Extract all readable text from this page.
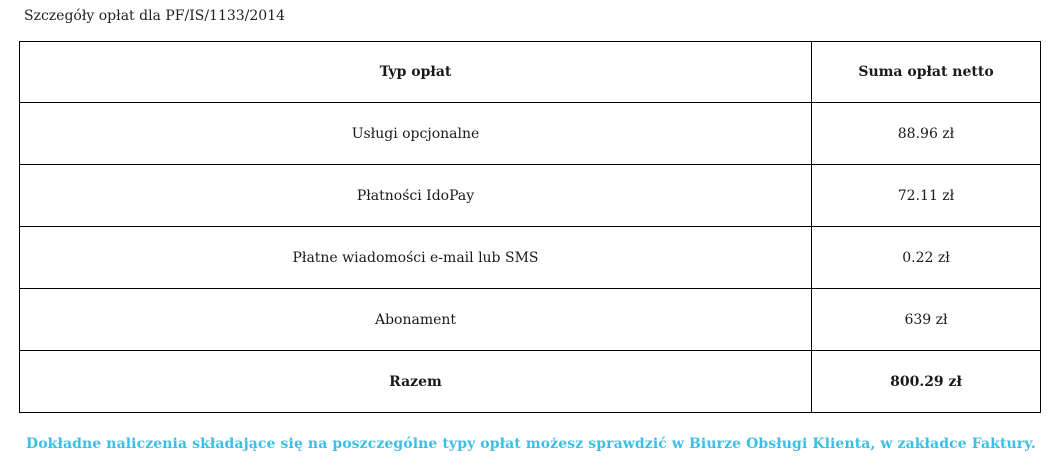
Szczegóły opłat dla PF/IS/1133/2014
Typ opłat	Suma opłat netto
Usługi opcjonalne	88.96 zł
Płatności IdoPay	72.11 zł
Płatne wiadomości e-mail lub SMS	0.22 zł
Abonament	639 zł
Razem	800.29 zł
Dokładne naliczenia składające się na poszczególne typy opłat możesz sprawdzić w Biurze Obsługi Klienta, w zakładce Faktury.
